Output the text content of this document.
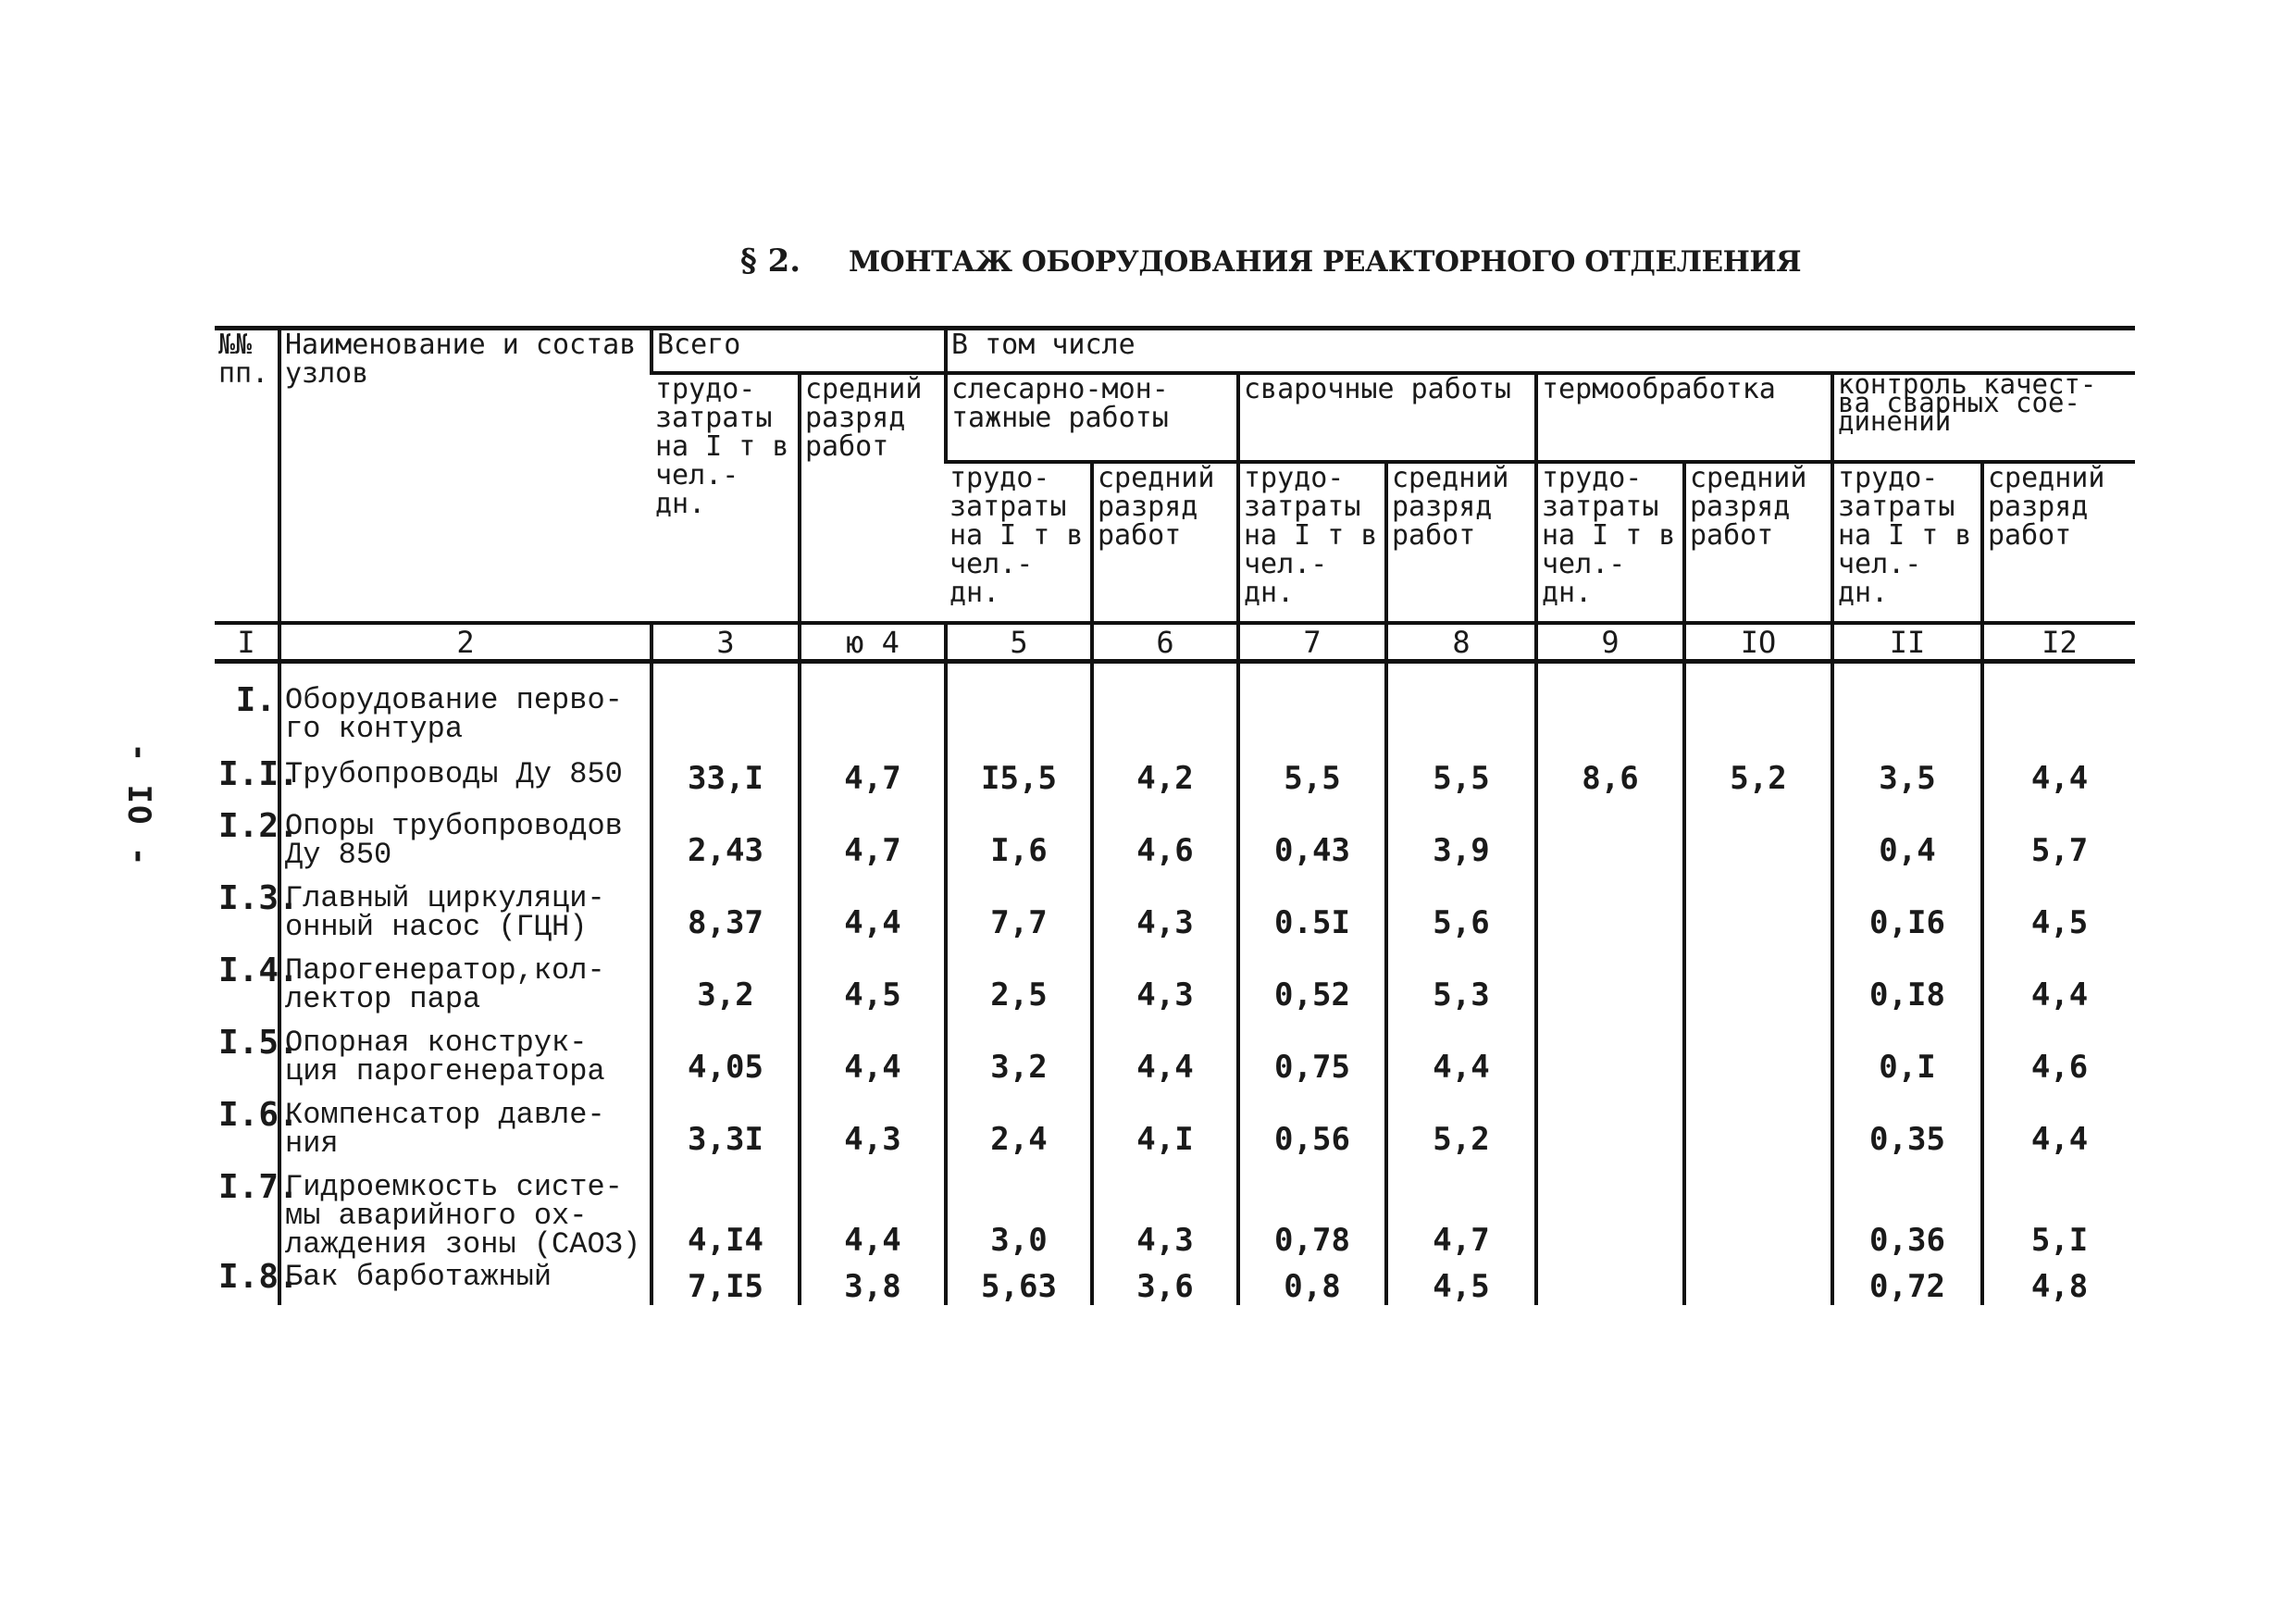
- IO -
§ 2. МОНТАЖ ОБОРУДОВАНИЯ РЕАКТОРНОГО ОТДЕЛЕНИЯ
№№ пп.	Наименование и состав узлов	Всего		В том числе							
		трудо- затраты на I т в чел.- дн.	средний разряд работ	слесарно-мон- тажные работы		сварочные работы		термообработка		контроль качест- ва сварных сое- динений	
				трудо- затраты на I т в чел.- дн.	средний разряд работ	трудо- затраты на I т в чел.- дн.	средний разряд работ	трудо- затраты на I т в чел.- дн.	средний разряд работ	трудо- затраты на I т в чел.- дн.	средний разряд работ
I	2	3	ю 4	5	6	7	8	9	IO	II	I2

I.	Оборудование перво- го контура										
I.I.	Трубопроводы Ду 850	33,I	4,7	I5,5	4,2	5,5	5,5	8,6	5,2	3,5	4,4
I.2.	Опоры трубопроводов Ду 850	2,43	4,7	I,6	4,6	0,43	3,9			0,4	5,7
I.3.	Главный циркуляци- онный насос (ГЦН)	8,37	4,4	7,7	4,3	0.5I	5,6			0,I6	4,5
I.4.	Парогенератор,кол- лектор пара	3,2	4,5	2,5	4,3	0,52	5,3			0,I8	4,4
I.5.	Опорная конструк- ция парогенератора	4,05	4,4	3,2	4,4	0,75	4,4			0,I	4,6
I.6.	Компенсатор давле- ния	3,3I	4,3	2,4	4,I	0,56	5,2			0,35	4,4
I.7.	Гидроемкость систе- мы аварийного ох- лаждения зоны (САОЗ)	4,I4	4,4	3,0	4,3	0,78	4,7			0,36	5,I
I.8.	Бак барботажный	7,I5	3,8	5,63	3,6	0,8	4,5			0,72	4,8
